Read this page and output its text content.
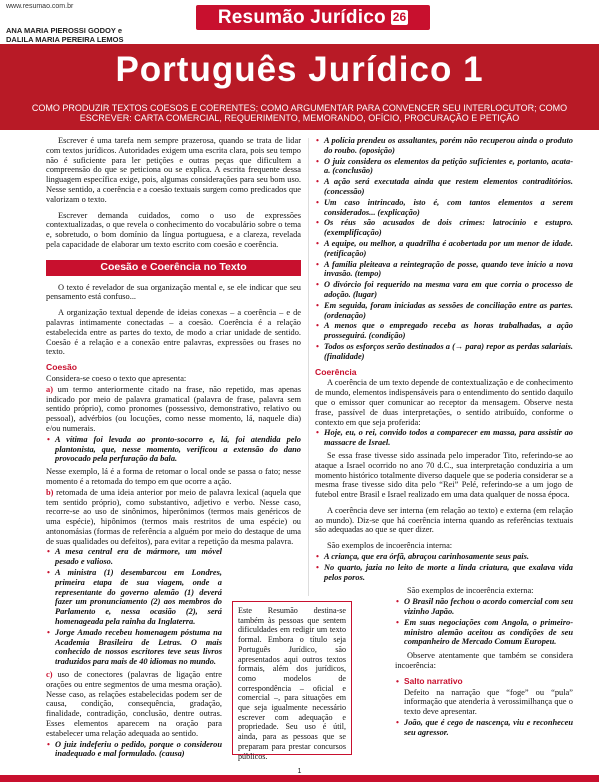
www.resumao.com.br	Resumão Jurídico 26
ANA MARIA PIEROSSI GODOY e
DALILA MARIA PEREIRA LEMOS
Português Jurídico 1
COMO PRODUZIR TEXTOS COESOS E COERENTES; COMO ARGUMENTAR PARA CONVENCER SEU INTERLOCUTOR; COMO ESCREVER: CARTA COMERCIAL, REQUERIMENTO, MEMORANDO, OFÍCIO, PROCURAÇÃO E PETIÇÃO

Escrever é uma tarefa nem sempre prazerosa, quando se trata de lidar com textos jurídicos. Autoridades exigem uma escrita clara, pois seu tempo não é suficiente para ler petições e outras peças que dificultem a compreensão do que se peticiona ou se explica. A escrita frequente dessa linguagem específica exige, pois, algumas considerações para seu bom uso. Nesse sentido, a coerência e a coesão textuais surgem como predicados que valorizam o texto.

Escrever demanda cuidados, como o uso de expressões contextualizadas, o que revela o conhecimento do vocabulário sobre o tema e, sobretudo, o bom domínio da língua portuguesa, e a clareza, revelada pela capacidade de elaborar um texto escrito com coesão e coerência.

Coesão e Coerência no Texto

O texto é revelador de sua organização mental e, se ele indicar que seu pensamento está confuso...

A organização textual depende de ideias conexas – a coerência – e de palavras intimamente conectadas – a coesão. Coerência é a relação estabelecida entre as partes do texto, de modo a criar unidade de sentido. Coesão é a relação e a conexão entre palavras, expressões ou frases no texto.

Coesão

Considera-se coeso o texto que apresenta:

a) um termo anteriormente citado na frase, não repetido, mas apenas indicado por meio de palavra gramatical (palavra de frase, palavra sem sentido próprio), como pronomes (possessivo, demonstrativo, relativo ou pessoal), advérbios (ou locuções, como nesse momento, lá, naquele dia) e/ou numerais.

• A vítima foi levada ao pronto-socorro e, lá, foi atendida pelo plantonista, que, nesse momento, verificou a extensão do dano provocado pela perfuração da bala.

Nesse exemplo, lá é a forma de retomar o local onde se passa o fato; nesse momento é a retomada do tempo em que ocorre a ação.

b) retomada de uma ideia anterior por meio de palavra lexical (aquela que tem sentido próprio), como substantivo, adjetivo e verbo. Nesse caso, recorre-se ao uso de sinônimos, hiperônimos (termos mais genéricos de uma espécie), hipônimos (termos mais restritos de uma espécie) ou antonomásias (formas de referência a alguém por meio do destaque de uma de suas qualidades ou defeitos), para evitar a repetição da mesma palavra.

• A mesa central era de mármore, um móvel pesado e valioso.
• A ministra (1) desembarcou em Londres, primeira etapa de sua viagem, onde a representante do governo alemão (1) deverá fazer um pronunciamento (2) aos membros do Parlamento e, nessa ocasião (2), será homenageada pela rainha da Inglaterra.
• Jorge Amado recebeu homenagem póstuma na Academia Brasileira de Letras. O mais conhecido de nossos escritores teve seus livros traduzidos para mais de 40 idiomas no mundo.

c) uso de conectores (palavras de ligação entre orações ou entre segmentos de uma mesma oração). Nesse caso, as relações estabelecidas podem ser de causa, condição, consequência, gradação, finalidade, contradição, conclusão, dentre outras. Esses elementos aparecem na oração para estabelecer uma relação adequada ao sentido.

• O juiz indeferiu o pedido, porque o considerou inadequado e mal formulado. (causa)
Este Resumão destina-se também às pessoas que sentem dificuldades em redigir um texto formal. Embora o título seja Português Jurídico, são apresentados aqui outros textos formais, além dos jurídicos, como modelos de correspondência – oficial e comercial –, para situações em que seja igualmente necessário escrever com adequação e propriedade. Seu uso é útil, ainda, para as pessoas que se preparam para prestar concursos públicos.
• A polícia prendeu os assaltantes, porém não recuperou ainda o produto do roubo. (oposição)
• O juiz considera os elementos da petição suficientes e, portanto, acata-a. (conclusão)
• A ação será executada ainda que restem elementos contraditórios. (concessão)
• Um caso intrincado, isto é, com tantos elementos a serem considerados... (explicação)
• Os réus são acusados de dois crimes: latrocínio e estupro. (exemplificação)
• A equipe, ou melhor, a quadrilha é acobertada por um menor de idade. (retificação)
• A família pleiteava a reintegração de posse, quando teve início a nova invasão. (tempo)
• O divórcio foi requerido na mesma vara em que corria o processo de adoção. (lugar)
• Em seguida, foram iniciadas as sessões de conciliação entre as partes. (ordenação)
• A menos que o empregado receba as horas trabalhadas, a ação prosseguirá. (condição)
• Todos os esforços serão destinados a (→ para) repor as perdas salariais. (finalidade)
Coerência

A coerência de um texto depende de contextualização e de conhecimento de mundo, elementos indispensáveis para o entendimento do sentido daquilo que o emissor quer comunicar ao receptor da mensagem. Observe nesta frase, passível de duas interpretações, o sentido atribuído, conforme o contexto em que seja proferida:

• Hoje, eu, o rei, convido todos a comparecer em massa, para assistir ao massacre de Israel.

Se essa frase tivesse sido assinada pelo imperador Tito, referindo-se ao ataque a Israel ocorrido no ano 70 d.C., sua interpretação conduziria a um momento histórico totalmente diverso daquele que se poderia considerar se a mesma frase tivesse sido dita pelo “Rei” Pelé, referindo-se a um jogo de futebol entre Brasil e Israel realizado em uma data qualquer de nossa época.

A coerência deve ser interna (em relação ao texto) e externa (em relação ao mundo). Diz-se que há coerência interna quando as referências textuais são adequadas ao que se quer dizer.

São exemplos de incoerência interna:

• A criança, que era órfã, abraçou carinhosamente seus pais.
• No quarto, jazia no leito de morte a linda criatura, que exalava vida pelos poros.

São exemplos de incoerência externa:

• O Brasil não fechou o acordo comercial com seu vizinho Japão.
• Em suas negociações com Angola, o primeiro-ministro alemão aceitou as condições de seu companheiro de Mercado Comum Europeu.

Observe atentamente que também se considera incoerência:

• Salto narrativo

Defeito na narração que “foge” ou “pula” informação que atenderia à verossimilhança que o texto deve apresentar.

• João, que é cego de nascença, viu e reconheceu seu agressor.
1
